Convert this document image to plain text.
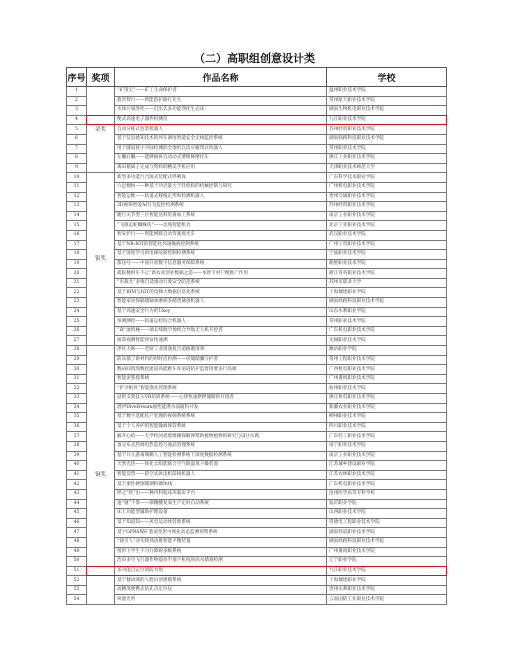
（二）高职组创意设计类
序号	奖项	作品名称	学校
1	金奖	“矿笛宝”——矿工生命保护者	温州职业技术学院
2		救害智行——智能防护路行先生	常州航天职业技术学院
3		水体污染净化——沉水式多功能净化生态床	湖南生物机电职业技术学院
4		便式高速电子器件检测仪	九江职业技术学院
5		自动分拣式包装机器人	苏州经贸职业技术学院
6		基于信息感知技术的列车调度智能安全无线监控系统	湖南铁路科技职业技术学院
7		用于隧道狭小空间检测的全地形自适应履带式机器人	常州职业技术学院
8		左撇右撇——能够抽拆自动动式菜维修摩托车	浙江工业职业技术学院
9		离田猪离子完成与资料的精美手机应用	天津职业技术师范大学
10	银奖	新型多功能行合演式装配式呼吸垛	广东科学技术职业学院
11		六足棉纺——种基于功近量大于针机构的机械控制与研究	广州机电职业技术学院
12		智能运维——轨道式移植定形和检测机器人	贵州交通职业技术学院
13		3D视频智能AI行为监控检测系统	苏州经贸职业技术学院
14		随行关节型三位智能送料装备加工系统	南京工业职业技术学院
15		“飞锥走蛇蜘蛛侠”——边坡智能机具	北京工业职业技术学院
16		智安护行——智能网联自动驾驶观光车	武汉职业技术学院
17		基于NB-IOT的智能化高速输液控制系统	广州工贸职业技术学院
18		基于深度学习的电梯故障控制检测系统	宁波职业技术学院
19		都送号——中国开放数字信息服务保障系统	鹤壁职业技术学院
20		疏院梳财车不止“新农业创业数据之造——本智卡村户级推广作用	浙江育英职业技术学院
21		“市载尤”多维自适感动行驶安全防范系统	苏州市职业大学
22		基于BIM与IOT的电梯大数据信息化系统	上海城建职业学院
23		智能家居保隔墙轴承磨损多储货储备机器人	湖南铁路科技职业技术学院
24		基于高速安全行为的Ukey	山东水利职业学院
25		预测测控——轨道运检综合机器人	常州职业技术学院
26		“森”流机械——端长续航空地组合导航无人机开挖者	广东机电职业技术学院
27		演算观测智能快发快速测	无锡职业技术学院
28	铜奖	净化大师——全厨工业排油复合道路港清零	潍坊职业学院
29		防乐都了新材料的时时洁检测——居储储骤守护者	常州工程职业技术学院
30		数码间筑图数控流道高能跑车库道道防护监督排要多行高端	广西机电职业技术学院
31		智能泥浆搅系统	广州番禺职业技术学院
32		“护卫根养”智能渔业管理系统	杭州职业技术学院
33		冠阶支架技入VR培训系统——心律快速摆摆储储的开创者	浙江机电职业技术学院
34		潜伊DiveDream画性能潜水面箱科开发	新疆农业职业技术学院
35		基于数字选配化产处理的视频系统系统	柳州职业技术学院
36		基于个人养护的智能输液保管系统	四川职业技术学院
37		解开心结——大学校园意境维操探解弹帮助植物植物的研究与设计实践	广东轻工职业技术学院
38		备分布式热调电热监控与油品管理系统	南宁职业技术学院
39		基于开元游离微稠人工智能检测系统下深度数据检测系统	南京工业职业技术学院
40		天然光热——体化太阳能联合空气除湿蒸干燥装置	江苏城乡建设职业学院
41		智能淀营——防空式风电机前线机器人	江苏农林职业技术学院
42		基于柔性硬钢微钢粉塘体线	广东机电职业技术学院
43		呼之“疾”出——种内科临床库临床平台	沧州医学高等专科学校
44		速“驰”不算——渐精酸复氧生产定时自动系统	临沂职业学院
45		床上功能型辅助护理设备	山西职业技术学院
46		基于知道知——风电运动体营新系统	常德电工程职业技术学院
47		基于GPRS煤矿巷道变形可视化动态监测预警系统	湖南铁道职业技术学院
48		“铸引人”动车轮熟动推智能平衡装置	湖南铁路科技职业技术学院
49		图形下学生不习行障碍多级系统	广州番禺职业技术学院
50		治田多空飞行器作物提高半地下机构的高水储备检测	辽宁职业学院
51		多功能自定位消防水炮	九江职业技术学院
52		基于移动端的人脸识别建模系统	上海城建职业学院
53		高精度便携式钻孔点定位仪	贵州水利职业技术学院
54		风感光吟	云南国防工业职业技术学院
